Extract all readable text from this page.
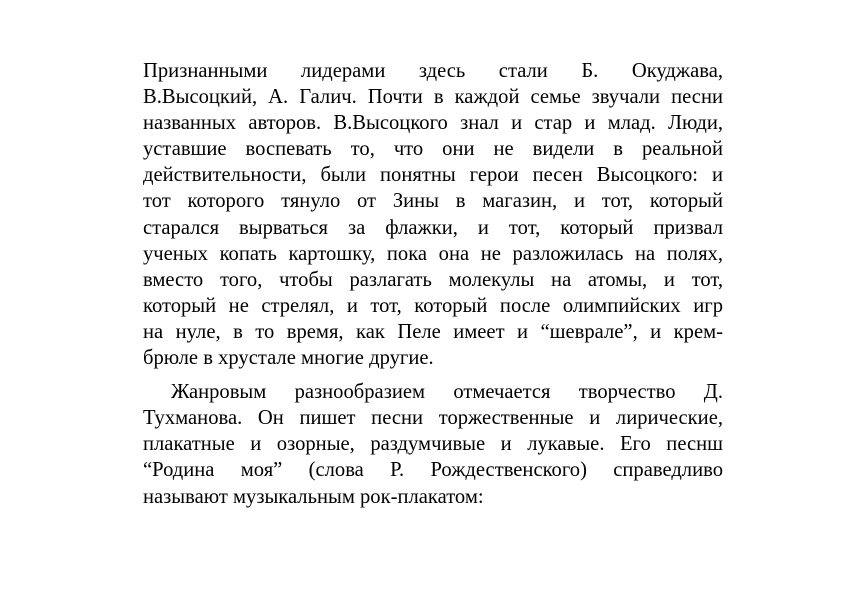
Признанными лидерами здесь стали Б. Окуджава,
В.Высоцкий, А. Галич. Почти в каждой семье звучали песни
названных авторов. В.Высоцкого знал и стар и млад. Люди,
уставшие воспевать то, что они не видели в реальной
действительности, были понятны герои песен Высоцкого: и
тот которого тянуло от Зины в магазин, и тот, который
старался вырваться за флажки, и тот, который призвал
ученых копать картошку, пока она не разложилась на полях,
вместо того, чтобы разлагать молекулы на атомы, и тот,
который не стрелял, и тот, который после олимпийских игр
на нуле, в то время, как Пеле имеет и “шеврале”, и крем-
брюле в хрустале многие другие.
Жанровым разнообразием отмечается творчество Д.
Тухманова. Он пишет песни торжественные и лирические,
плакатные и озорные, раздумчивые и лукавые. Его песнш
“Родина моя” (слова Р. Рождественского) справедливо
называют музыкальным рок-плакатом:
